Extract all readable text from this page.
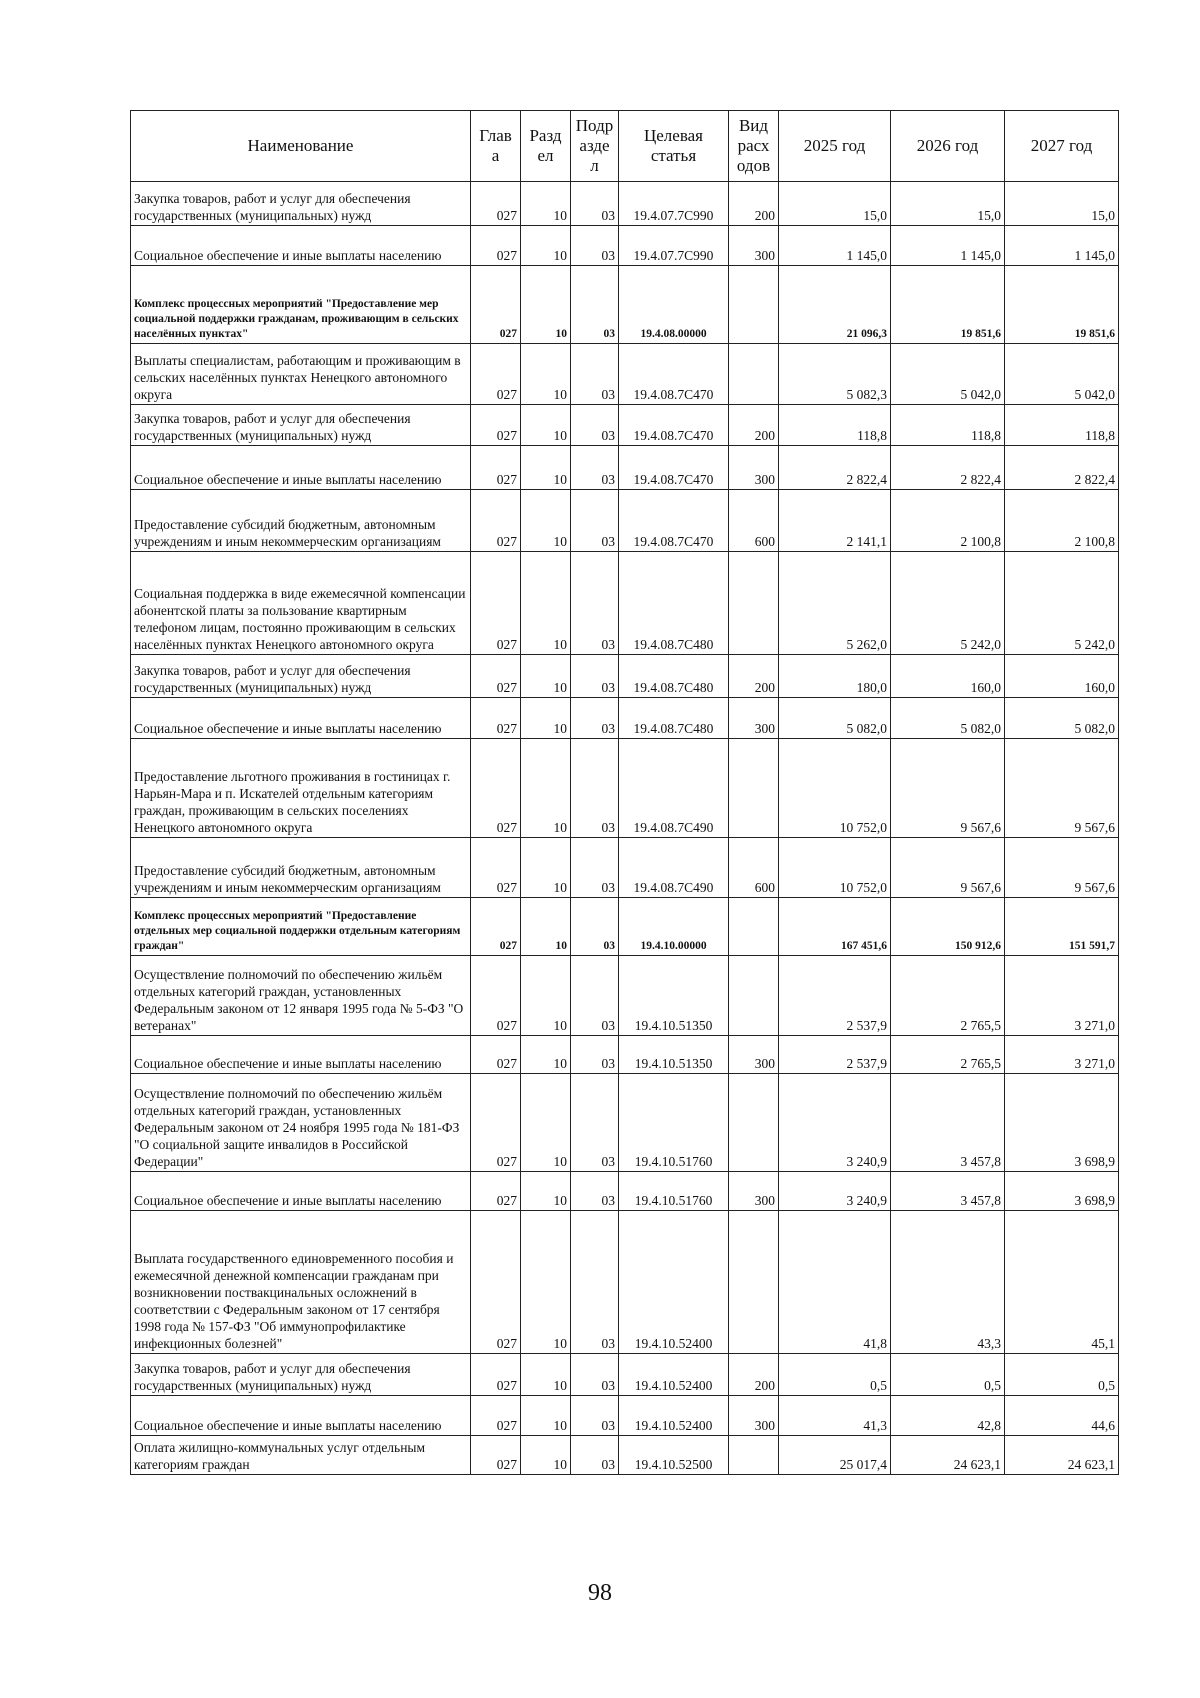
Наименование	Глав а	Разд ел	Подр азде л	Целевая статья	Вид расх одов	2025 год	2026 год	2027 год
Закупка товаров, работ и услуг для обеспечения государственных (муниципальных) нужд	027	10	03	19.4.07.7С990	200	15,0	15,0	15,0
Социальное обеспечение и иные выплаты населению	027	10	03	19.4.07.7С990	300	1 145,0	1 145,0	1 145,0
Комплекс процессных мероприятий "Предоставление мер социальной поддержки гражданам, проживающим в сельских населённых пунктах"	027	10	03	19.4.08.00000		21 096,3	19 851,6	19 851,6
Выплаты специалистам, работающим и проживающим в сельских населённых пунктах Ненецкого автономного округа	027	10	03	19.4.08.7С470		5 082,3	5 042,0	5 042,0
Закупка товаров, работ и услуг для обеспечения государственных (муниципальных) нужд	027	10	03	19.4.08.7С470	200	118,8	118,8	118,8
Социальное обеспечение и иные выплаты населению	027	10	03	19.4.08.7С470	300	2 822,4	2 822,4	2 822,4
Предоставление субсидий бюджетным, автономным учреждениям и иным некоммерческим организациям	027	10	03	19.4.08.7С470	600	2 141,1	2 100,8	2 100,8
Социальная поддержка в виде ежемесячной компенсации абонентской платы за пользование квартирным телефоном лицам, постоянно проживающим в сельских населённых пунктах Ненецкого автономного округа	027	10	03	19.4.08.7С480		5 262,0	5 242,0	5 242,0
Закупка товаров, работ и услуг для обеспечения государственных (муниципальных) нужд	027	10	03	19.4.08.7С480	200	180,0	160,0	160,0
Социальное обеспечение и иные выплаты населению	027	10	03	19.4.08.7С480	300	5 082,0	5 082,0	5 082,0
Предоставление льготного проживания в гостиницах г. Нарьян-Мара и п. Искателей отдельным категориям граждан, проживающим в сельских поселениях Ненецкого автономного округа	027	10	03	19.4.08.7С490		10 752,0	9 567,6	9 567,6
Предоставление субсидий бюджетным, автономным учреждениям и иным некоммерческим организациям	027	10	03	19.4.08.7С490	600	10 752,0	9 567,6	9 567,6
Комплекс процессных мероприятий "Предоставление отдельных мер социальной поддержки отдельным категориям граждан"	027	10	03	19.4.10.00000		167 451,6	150 912,6	151 591,7
Осуществление полномочий по обеспечению жильём отдельных категорий граждан, установленных Федеральным законом от 12 января 1995 года № 5-ФЗ "О ветеранах"	027	10	03	19.4.10.51350		2 537,9	2 765,5	3 271,0
Социальное обеспечение и иные выплаты населению	027	10	03	19.4.10.51350	300	2 537,9	2 765,5	3 271,0
Осуществление полномочий по обеспечению жильём отдельных категорий граждан, установленных Федеральным законом от 24 ноября 1995 года № 181-ФЗ "О социальной защите инвалидов в Российской Федерации"	027	10	03	19.4.10.51760		3 240,9	3 457,8	3 698,9
Социальное обеспечение и иные выплаты населению	027	10	03	19.4.10.51760	300	3 240,9	3 457,8	3 698,9
Выплата государственного единовременного пособия и ежемесячной денежной компенсации гражданам при возникновении поствакцинальных осложнений в соответствии с Федеральным законом от 17 сентября 1998 года № 157-ФЗ "Об иммунопрофилактике инфекционных болезней"	027	10	03	19.4.10.52400		41,8	43,3	45,1
Закупка товаров, работ и услуг для обеспечения государственных (муниципальных) нужд	027	10	03	19.4.10.52400	200	0,5	0,5	0,5
Социальное обеспечение и иные выплаты населению	027	10	03	19.4.10.52400	300	41,3	42,8	44,6
Оплата жилищно-коммунальных услуг отдельным категориям граждан	027	10	03	19.4.10.52500		25 017,4	24 623,1	24 623,1
98
